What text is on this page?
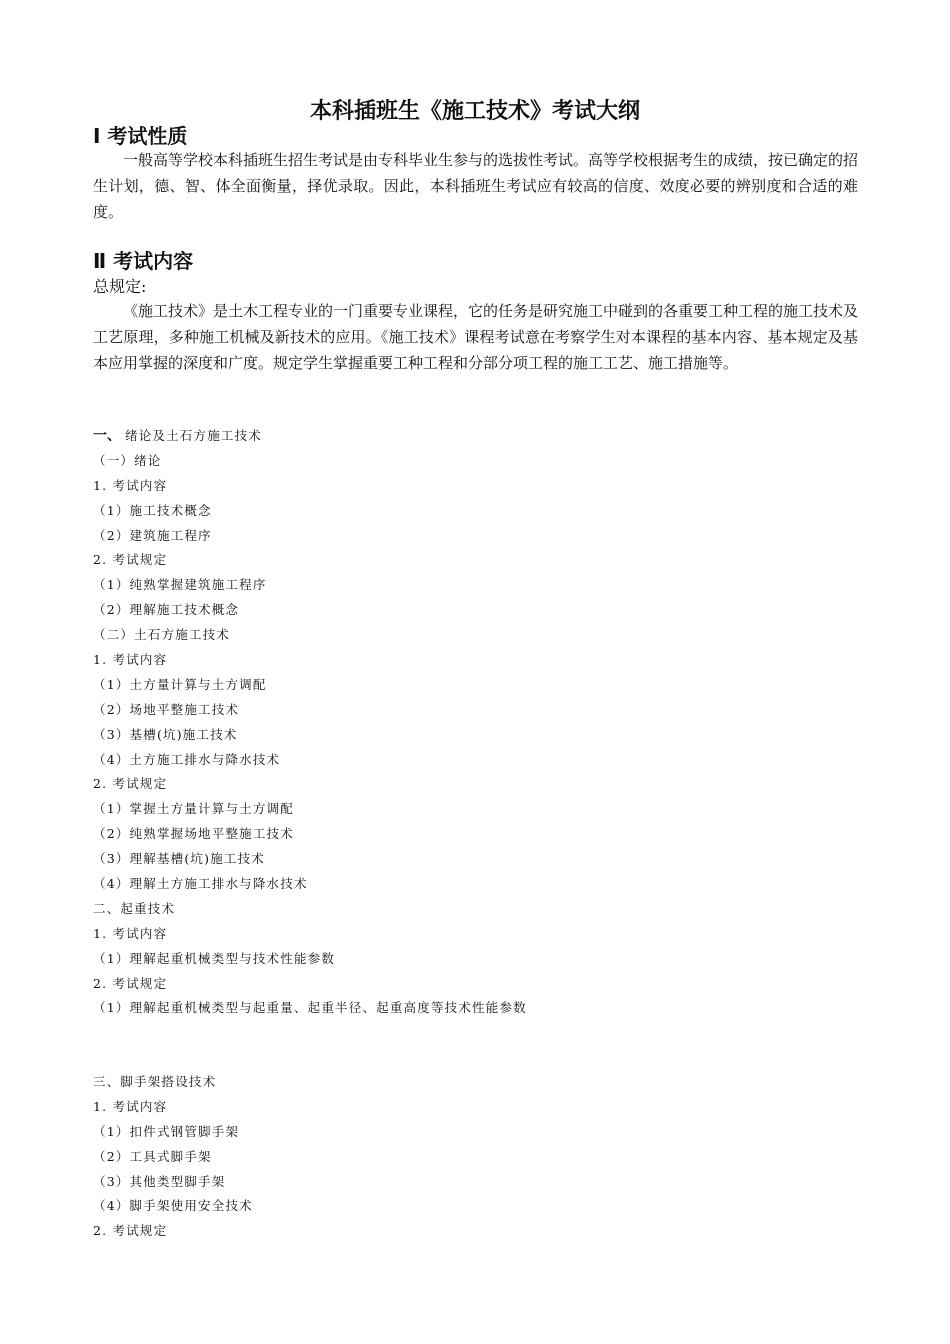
本科插班生《施工技术》考试大纲
Ⅰ 考试性质
一般高等学校本科插班生招生考试是由专科毕业生参与的选拔性考试。高等学校根据考生的成绩，按已确定的招生计划，德、智、体全面衡量，择优录取。因此，本科插班生考试应有较高的信度、效度必要的辨别度和合适的难度。
Ⅱ 考试内容
总规定:
《施工技术》是土木工程专业的一门重要专业课程，它的任务是研究施工中碰到的各重要工种工程的施工技术及工艺原理，多种施工机械及新技术的应用。《施工技术》课程考试意在考察学生对本课程的基本内容、基本规定及基本应用掌握的深度和广度。规定学生掌握重要工种工程和分部分项工程的施工工艺、施工措施等。
一、 绪论及土石方施工技术
（一）绪论
1. 考试内容
（1）施工技术概念
（2）建筑施工程序
2. 考试规定
（1）纯熟掌握建筑施工程序
（2）理解施工技术概念
（二）土石方施工技术
1. 考试内容
（1）土方量计算与土方调配
（2）场地平整施工技术
（3）基槽(坑)施工技术
（4）土方施工排水与降水技术
2. 考试规定
（1）掌握土方量计算与土方调配
（2）纯熟掌握场地平整施工技术
（3）理解基槽(坑)施工技术
（4）理解土方施工排水与降水技术
二、起重技术
1. 考试内容
（1）理解起重机械类型与技术性能参数
2. 考试规定
（1）理解起重机械类型与起重量、起重半径、起重高度等技术性能参数
三、脚手架搭设技术
1. 考试内容
（1）扣件式钢管脚手架
（2）工具式脚手架
（3）其他类型脚手架
（4）脚手架使用安全技术
2. 考试规定
